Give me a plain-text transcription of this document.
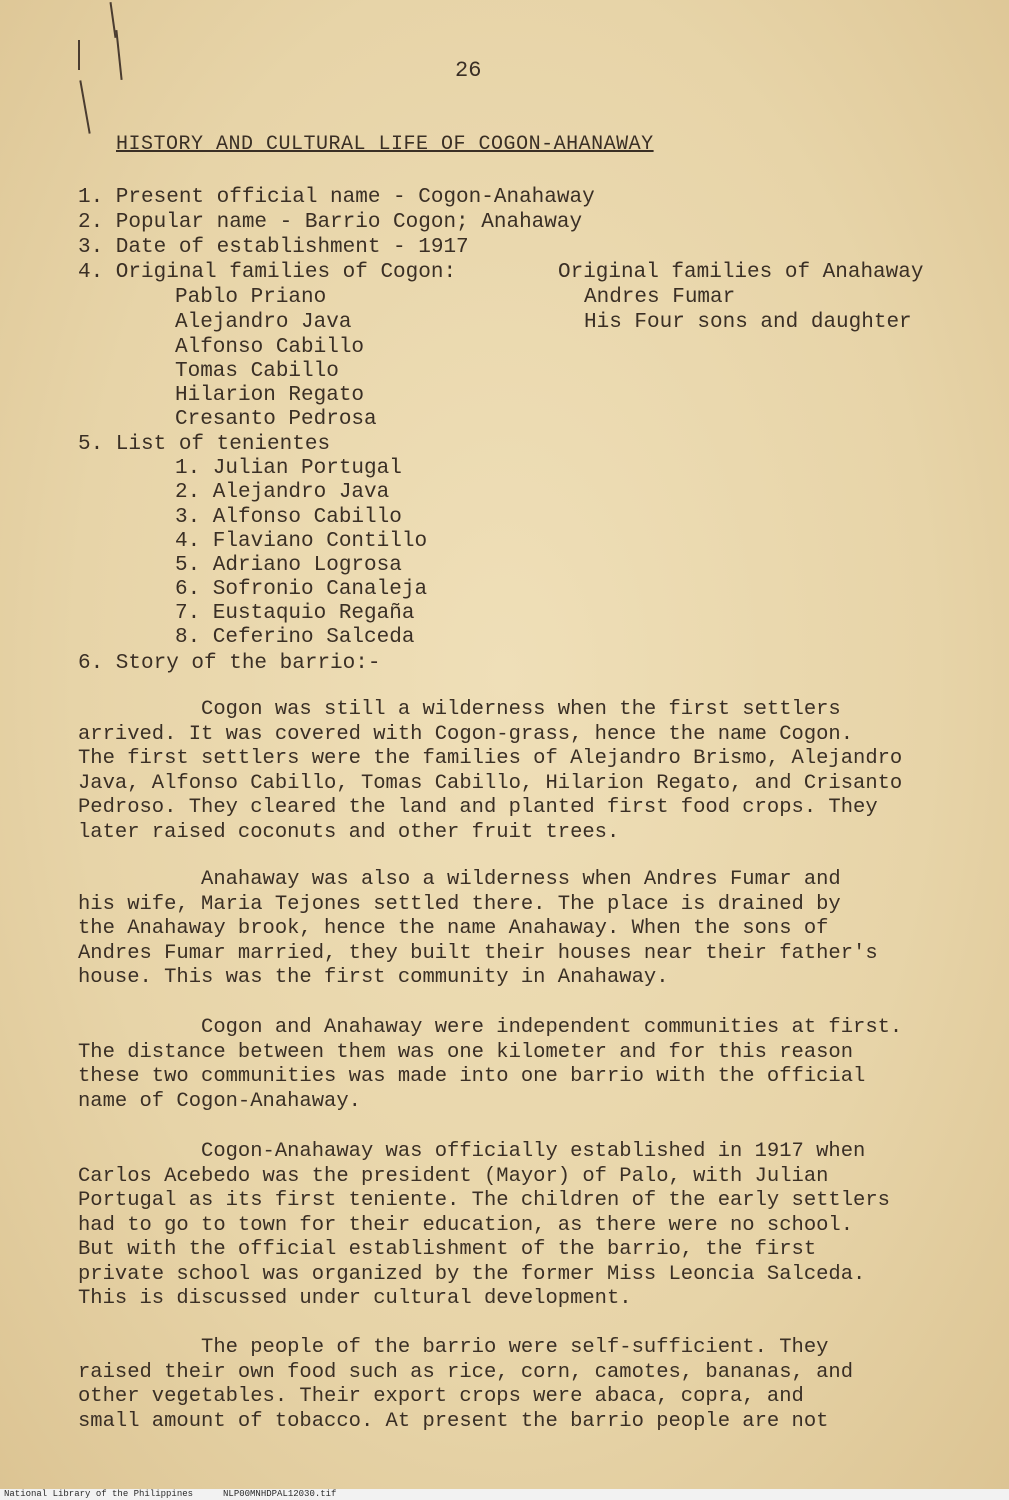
26
HISTORY AND CULTURAL LIFE OF COGON-AHANAWAY
1. Present official name - Cogon-Anahaway
2. Popular name - Barrio Cogon; Anahaway
3. Date of establishment - 1917
4. Original families of Cogon:	Original families of Anahaway
Andres Fumar
His Four sons and daughter
Pablo Priano
Alejandro Java
Alfonso Cabillo
Tomas Cabillo
Hilarion Regato
Cresanto Pedrosa
5. List of tenientes
1. Julian Portugal
2. Alejandro Java
3. Alfonso Cabillo
4. Flaviano Contillo
5. Adriano Logrosa
6. Sofronio Canaleja
7. Eustaquio Regaña
8. Ceferino Salceda
6. Story of the barrio:-

Cogon was still a wilderness when the first settlers

arrived. It was covered with Cogon-grass, hence the name Cogon.

The first settlers were the families of Alejandro Brismo, Alejandro

Java, Alfonso Cabillo, Tomas Cabillo, Hilarion Regato, and Crisanto

Pedroso. They cleared the land and planted first food crops. They

later raised coconuts and other fruit trees.

Anahaway was also a wilderness when Andres Fumar and

his wife, Maria Tejones settled there. The place is drained by

the Anahaway brook, hence the name Anahaway. When the sons of

Andres Fumar married, they built their houses near their father's

house. This was the first community in Anahaway.

Cogon and Anahaway were independent communities at first.

The distance between them was one kilometer and for this reason

these two communities was made into one barrio with the official

name of Cogon-Anahaway.

Cogon-Anahaway was officially established in 1917 when

Carlos Acebedo was the president (Mayor) of Palo, with Julian

Portugal as its first teniente. The children of the early settlers

had to go to town for their education, as there were no school.

But with the official establishment of the barrio, the first

private school was organized by the former Miss Leoncia Salceda.

This is discussed under cultural development.

The people of the barrio were self-sufficient. They

raised their own food such as rice, corn, camotes, bananas, and

other vegetables. Their export crops were abaca, copra, and

small amount of tobacco. At present the barrio people are not

National Library of the Philippines	NLP00MNHDPAL12030.tif
